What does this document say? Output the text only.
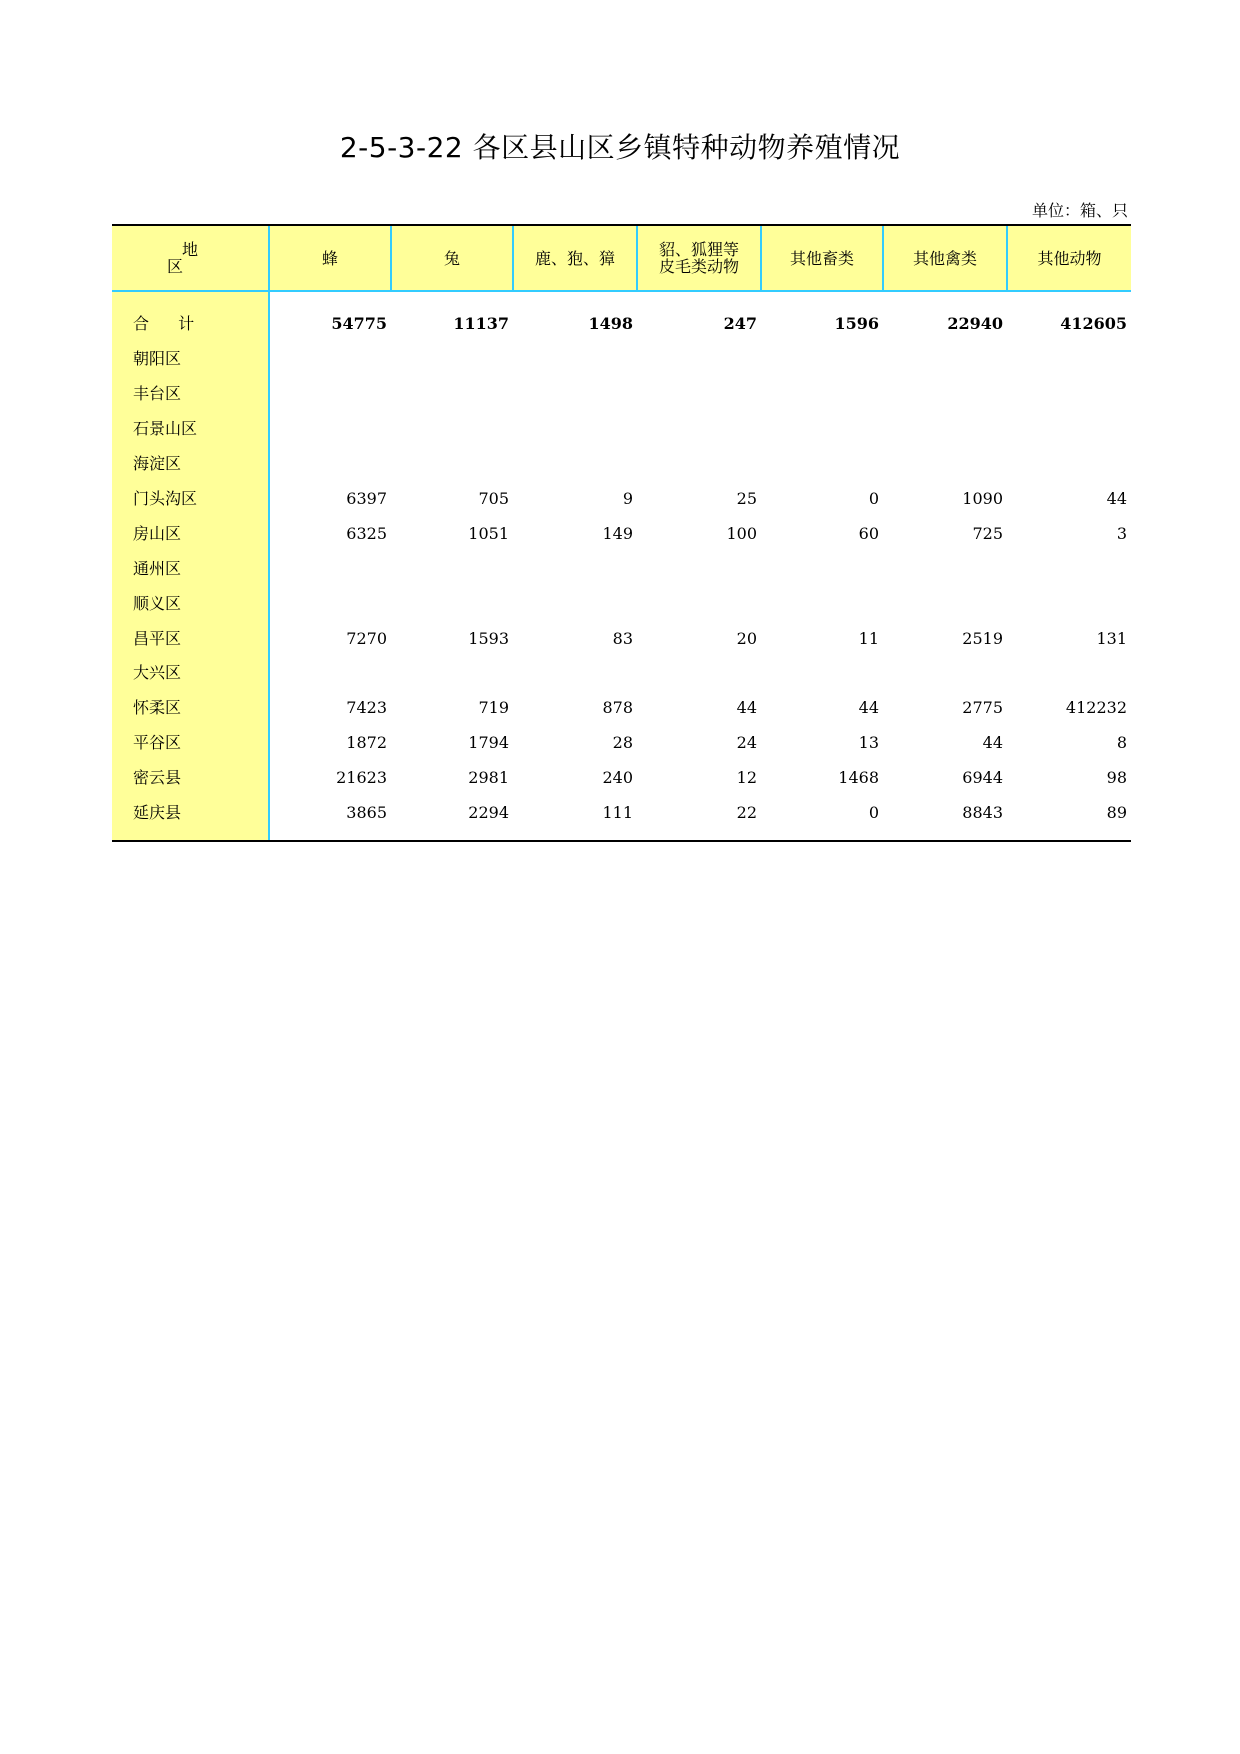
2-5-3-22 各区县山区乡镇特种动物养殖情况
单位：箱、只
地 区	蜂	兔	鹿、狍、獐	貂、狐狸等
皮毛类动物	其他畜类	其他禽类	其他动物

合 计	54775	11137	1498	247	1596	22940	412605
朝阳区							
丰台区							
石景山区							
海淀区							
门头沟区	6397	705	9	25	0	1090	44
房山区	6325	1051	149	100	60	725	3
通州区							
顺义区							
昌平区	7270	1593	83	20	11	2519	131
大兴区							
怀柔区	7423	719	878	44	44	2775	412232
平谷区	1872	1794	28	24	13	44	8
密云县	21623	2981	240	12	1468	6944	98
延庆县	3865	2294	111	22	0	8843	89
